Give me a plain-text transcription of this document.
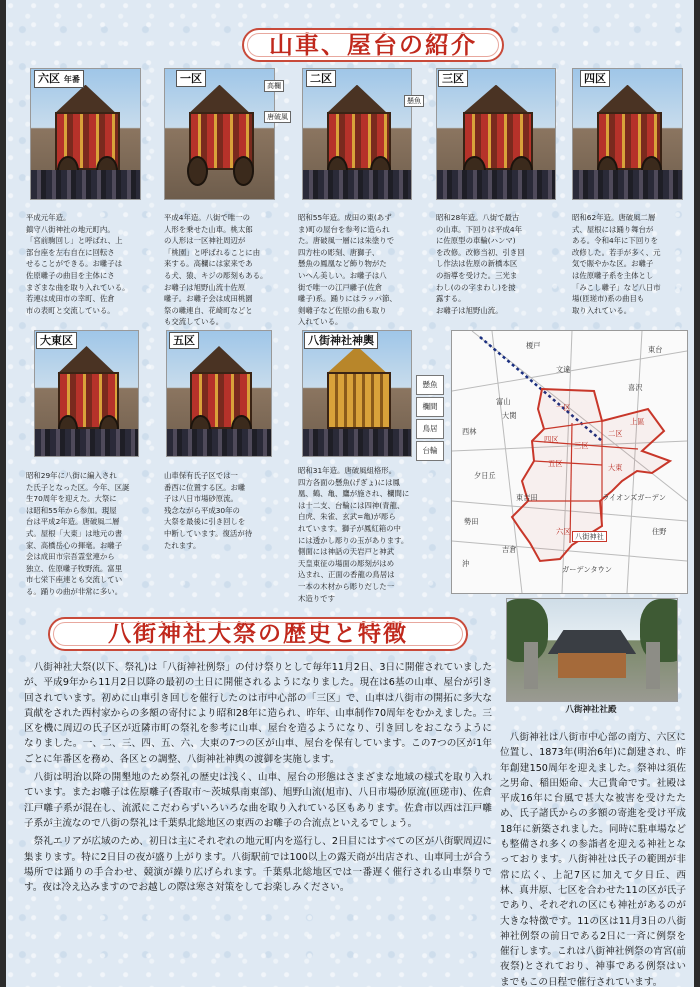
山車、屋台の紹介
六区 年番

平成元年造。
鎮守八街神社の地元町内。
「宮前駒回し」と呼ばれ、上
部台座を左右自在に回転さ
せることができる。お囃子は
佐原囃子の曲目を主体にさ
まざまな曲を取り入れている。
若連は成田市の幸町、佐倉
市の表町と交流している。

一区
高欄
唐破風

平成4年造。八街で唯一の
人形を乗せた山車。桃太郎
の人形は一区神社周辺が
「桃園」と呼ばれることに由
来する。高欄には家来であ
る犬、猿、キジの彫刻もある。
お囃子は旭野山流十佐原
囃子。お囃子会は成田桃園
祭の囃連自、花崎町などと
も交流している。

二区
懸魚

昭和55年造。成田の東(あず
ま)町の屋台を参考に造られ
た。唐破風一層には朱塗りで
四方柱の彫刻、唐獅子、
懸魚の鳳凰など飾り物がた
いへん美しい。お囃子は八
街で唯一の江戸囃子(佐倉
囃子)系。踊りにはラッパ節、
剣囃子など佐原の曲も取り
入れている。

三区

昭和28年造。八街で最古
の山車。下回りは平成4年
に佐原型の車輪(ハンマ)
を改修。改修当初、引き回
し作法は佐原の新橋本区
の指導を受けた。三光ま
わし(のの字まわし)を披
露する。
お囃子は旭野山流。

四区

昭和62年造。唐破風二層
式、屋根には踊り舞台が
ある。令和4年に下回りを
改修した。若手が多く、元
気で賑やかな区。お囃子
は佐原囃子系を主体とし
「みこし囃子」など八日市
場(匝瑳市)系の曲目も
取り入れている。

大東区

昭和29年に八街に編入され
た氏子となった区。今年、区誕
生70周年を迎えた。大祭に
は昭和55年から参加。現屋
台は平成2年造。唐破風二層
式。屋根「大東」は地元の書
家、高橋岳心の揮毫。お囃子
会は成田市宗吾霊堂連から
独立、佐原囃子牧野流。富里
市七栄下座連とも交流してい
る。踊りの曲が非常に多い。

五区

山車保有氏子区では一
番西に位置する区。お囃
子は八日市場砂原流。
残念ながら平成30年の
大祭を最後に引き回しを
中断しています。復活が待
たれます。

八街神社神輿
懸魚
欄間
鳥居
台輪

昭和31年造。唐破風組格形。
四方各面の懸魚(げぎょ)には鳳
凰、鶴、亀、鷹が施され、欄間に
は十二支、台輪には四神(青龍、
白虎、朱雀、玄武=亀)が彫ら
れています。獅子が鳳紅箱の中
には透かし彫りの玉があります。
側面には神話の天岩戸と神武
天皇東征の場面の彫刻がはめ
込まれ、正面の香龍の鳥居は
一本の木材から彫りだした一
木造りです

榎戸	東台
文違
喜沢
西林
富山
大関
一区
二区
三区
四区
五区
六区
上區
大東
夕日丘
勢田
東吉田
吉倉
八街神社
沖
ライオンズガーデン
ガーデンタウン
住野
八街神社大祭の歴史と特徴
八街神社社殿

八街神社大祭(以下、祭礼)は「八街神社例祭」の付け祭りとして毎年11月2日、3日に開催されていましたが、平成9年から11月2日以降の最初の土日に開催されるようになりました。現在は6基の山車、屋台が引き回されています。初めに山車引き回しを催行したのは市中心部の「三区」で、山車は八街市の開拓に多大な貢献をされた西村家からの多額の寄付により昭和28年に造られ、昨年、山車制作70周年をむかえました。三区を機に周辺の氏子区が近隣市町の祭礼を参考に山車、屋台を造るようになり、引き回しをおこなうようになりました。一、二、三、四、五、六、大東の7つの区が山車、屋台を保有しています。この7つの区が1年ごとに年番区を務め、各区との調整、八街神社神輿の渡御を実施します。

八街は明治以降の開墾地のため祭礼の歴史は浅く、山車、屋台の形態はさまざまな地域の様式を取り入れています。またお囃子は佐原囃子(香取市〜茨城県南東部)、旭野山流(旭市)、八日市場砂原流(匝瑳市)、佐倉江戸囃子系が混在し、流派にこだわらずいろいろな曲を取り入れている区もあります。佐倉市以西は江戸囃子系が主流なので八街の祭礼は千葉県北総地区の東西のお囃子の合流点といえるでしょう。

祭礼エリアが広域のため、初日は主にそれぞれの地元町内を巡行し、2日目にはすべての区が八街駅周辺に集まります。特に2日目の夜が盛り上がります。八街駅前では100以上の露天商が出店され、山車同士が合う場所では踊りの手合わせ、競演が繰り広げられます。千葉県北総地区では一番遅く催行される山車祭りです。夜は冷え込みますのでお越しの際は寒さ対策をしてお楽しみください。

八街神社は八街市中心部の南方、六区に位置し、1873年(明治6年)に創建され、昨年創建150周年を迎えました。祭神は須佐之男命、稲田姫命、大己貴命です。社殿は平成16年に台風で甚大な被害を受けたため、氏子諸氏からの多額の寄進を受け平成18年に新築されました。同時に駐車場なども整備され多くの参詣者を迎える神社となっております。八街神社は氏子の範囲が非常に広く、上記7区に加えて夕日丘、西林、真井原、七区を合わせた11の区が氏子であり、それぞれの区にも神社があるのが大きな特徴です。11の区は11月3日の八街神社例祭の前日である2日に一斉に例祭を催行します。これは八街神社例祭の宵宮(前夜祭)とされており、神事である例祭はいまでもこの日程で催行されています。
